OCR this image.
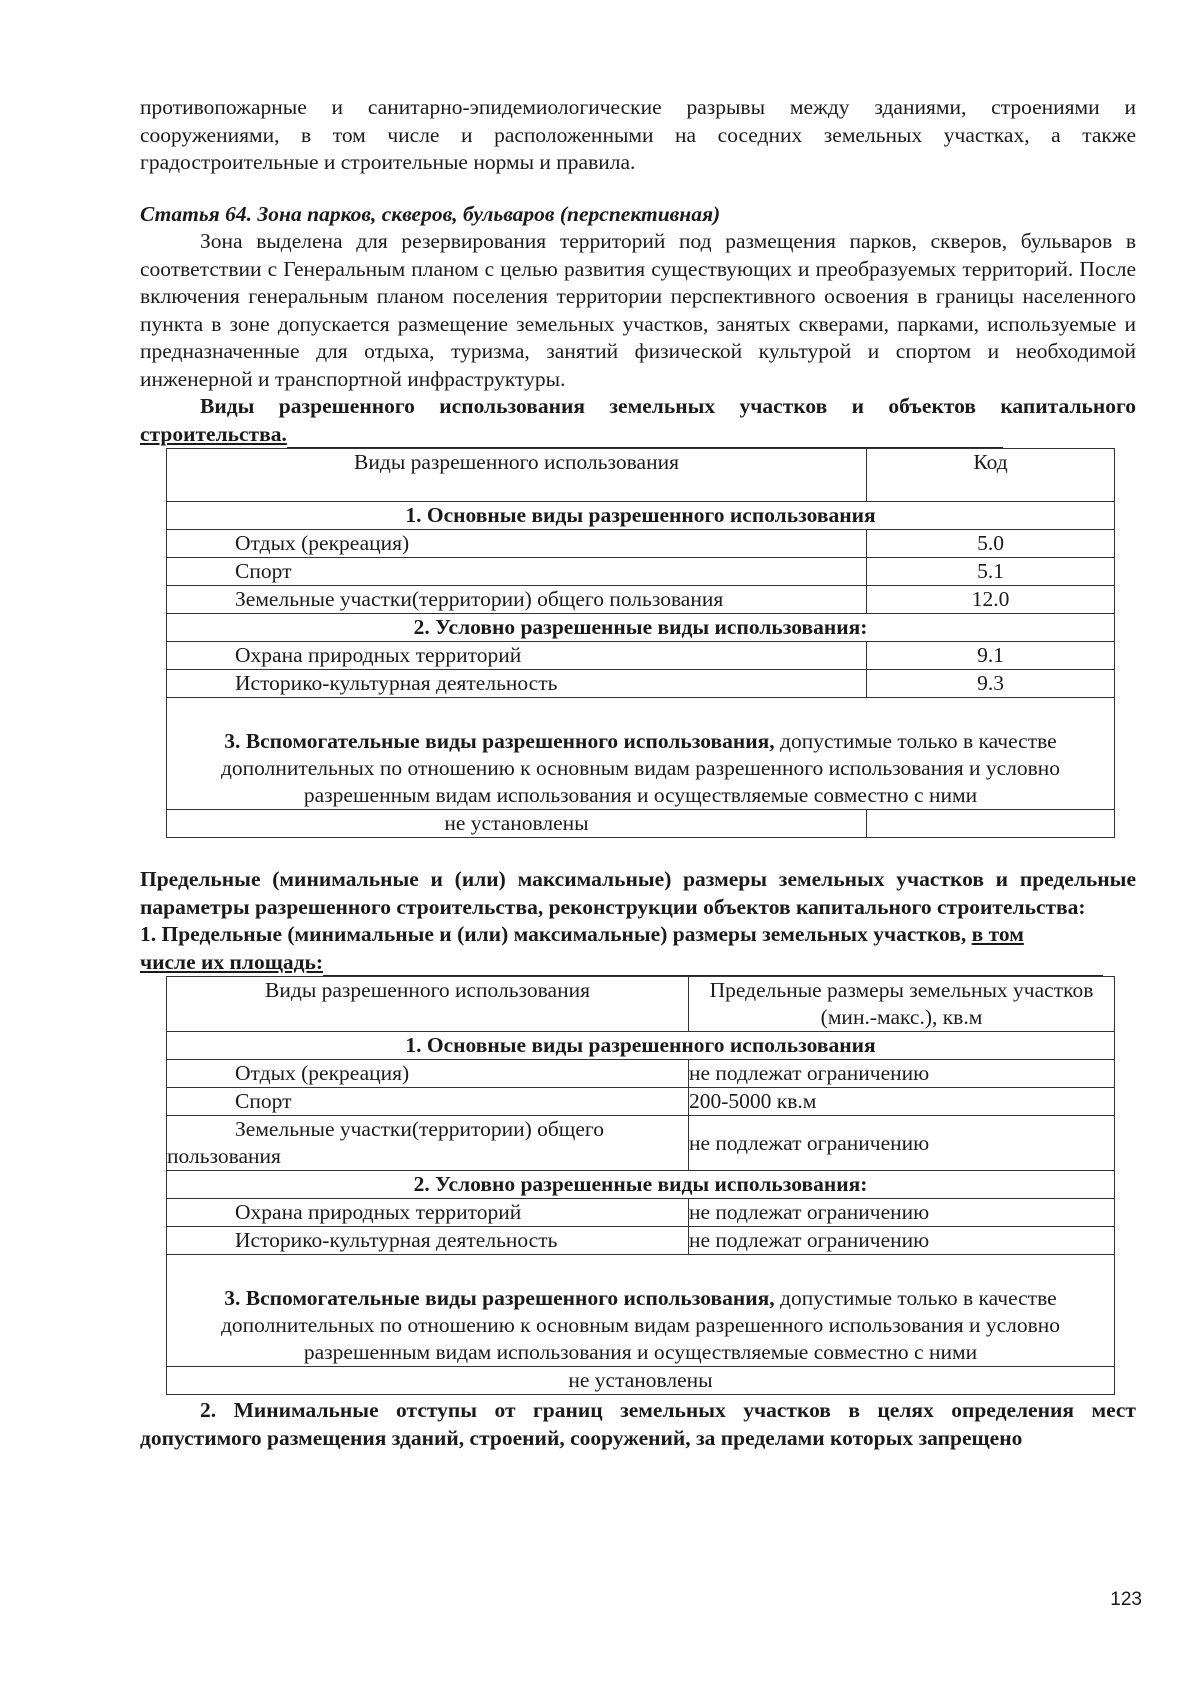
противопожарные и санитарно-эпидемиологические разрывы между зданиями, строениями и сооружениями, в том числе и расположенными на соседних земельных участках, а также градостроительные и строительные нормы и правила.

Статья 64. Зона парков, скверов, бульваров (перспективная)

Зона выделена для резервирования территорий под размещения парков, скверов, бульваров в соответствии с Генеральным планом с целью развития существующих и преобразуемых территорий. После включения генеральным планом поселения территории перспективного освоения в границы населенного пункта в зоне допускается размещение земельных участков, занятых скверами, парками, используемые и предназначенные для отдыха, туризма, занятий физической культурой и спортом и необходимой инженерной и транспортной инфраструктуры.

Виды разрешенного использования земельных участков и объектов капитального строительства.

Виды разрешенного использования	Код
1. Основные виды разрешенного использования	
Отдых (рекреация)	5.0
Спорт	5.1
Земельные участки(территории) общего пользования	12.0
2. Условно разрешенные виды использования:	
Охрана природных территорий	9.1
Историко-культурная деятельность	9.3
3. Вспомогательные виды разрешенного использования, допустимые только в качестве дополнительных по отношению к основным видам разрешенного использования и условно разрешенным видам использования и осуществляемые совместно с ними	
не установлены	

Предельные (минимальные и (или) максимальные) размеры земельных участков и предельные параметры разрешенного строительства, реконструкции объектов капитального строительства:

1. Предельные (минимальные и (или) максимальные) размеры земельных участков, в том

числе их площадь:

Виды разрешенного использования	Предельные размеры земельных участков (мин.-макс.), кв.м
1. Основные виды разрешенного использования	
Отдых (рекреация)	не подлежат ограничению
Спорт	200-5000 кв.м

Земельные участки(территории) общего
пользования	не подлежат ограничению
2. Условно разрешенные виды использования:	
Охрана природных территорий	не подлежат ограничению
Историко-культурная деятельность	не подлежат ограничению
3. Вспомогательные виды разрешенного использования, допустимые только в качестве дополнительных по отношению к основным видам разрешенного использования и условно разрешенным видам использования и осуществляемые совместно с ними	
не установлены	

2. Минимальные отступы от границ земельных участков в целях определения мест допустимого размещения зданий, строений, сооружений, за пределами которых запрещено

123
